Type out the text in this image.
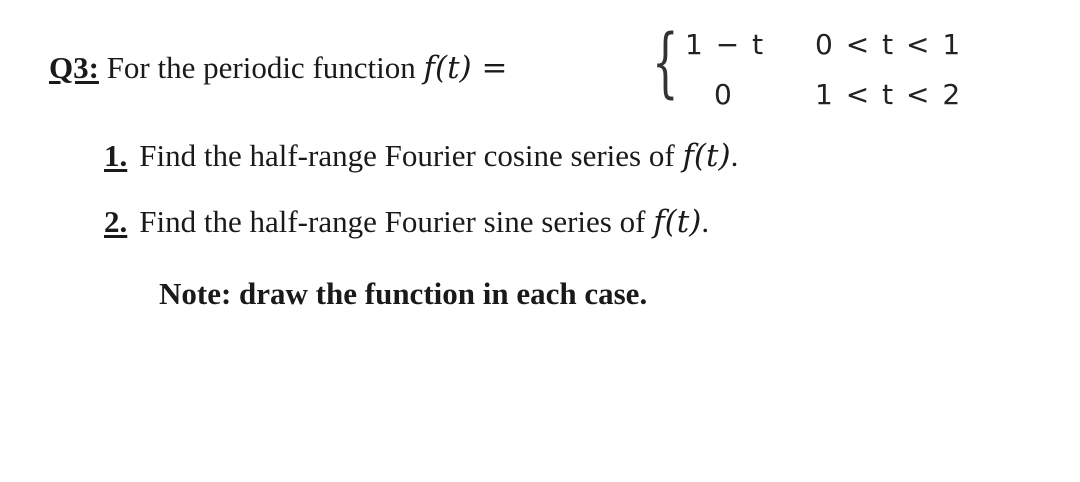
Q3: For the periodic function f(t) = { 1 − t 0 < t < 1
0	1 < t < 2
1. Find the half-range Fourier cosine series of f(t).
2. Find the half-range Fourier sine series of f(t).
Note: draw the function in each case.
